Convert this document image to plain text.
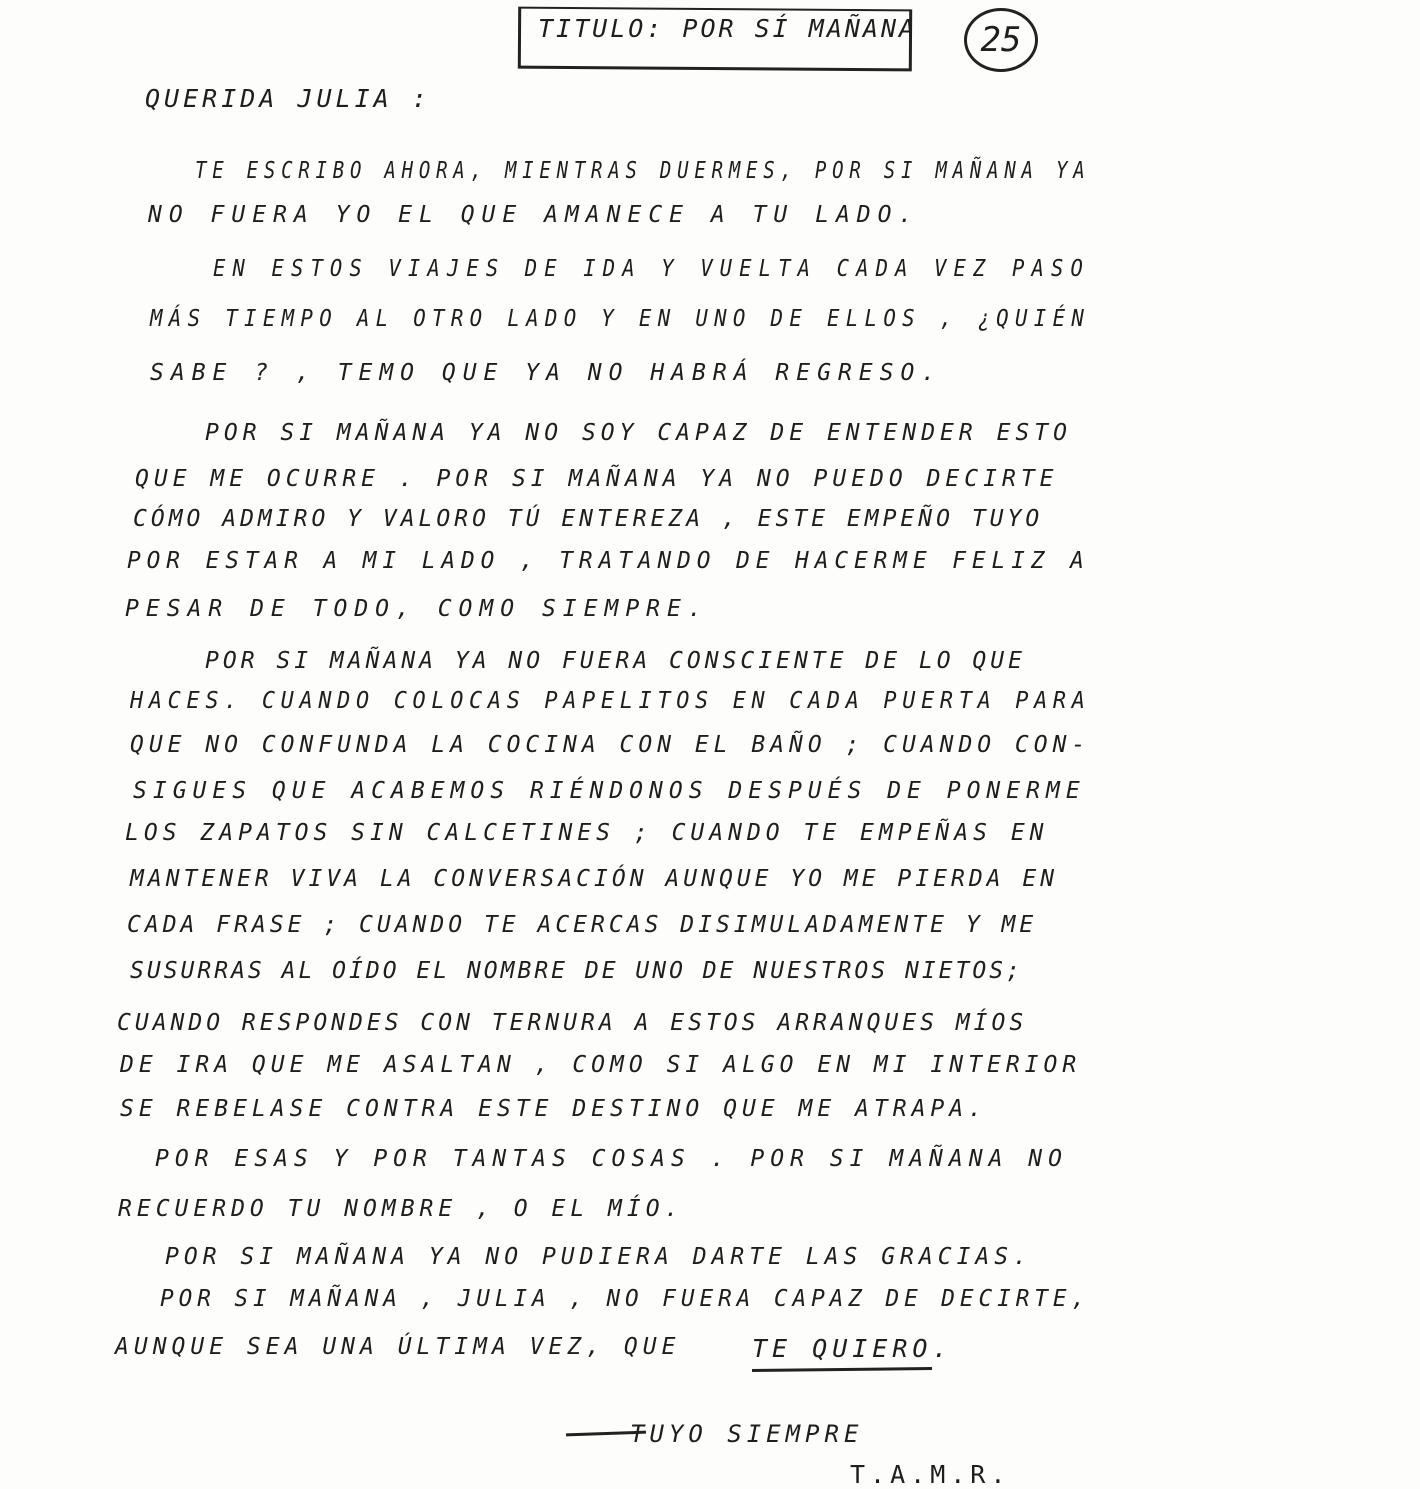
TITULO: POR SÍ MAÑANA 25
QUERIDA JULIA :
TE ESCRIBO AHORA, MIENTRAS DUERMES, POR SI MAÑANA YA
NO FUERA YO EL QUE AMANECE A TU LADO.
EN ESTOS VIAJES DE IDA Y VUELTA CADA VEZ PASO
MÁS TIEMPO AL OTRO LADO Y EN UNO DE ELLOS , ¿QUIÉN
SABE ? , TEMO QUE YA NO HABRÁ REGRESO.
POR SI MAÑANA YA NO SOY CAPAZ DE ENTENDER ESTO
QUE ME OCURRE . POR SI MAÑANA YA NO PUEDO DECIRTE
CÓMO ADMIRO Y VALORO TÚ ENTEREZA , ESTE EMPEÑO TUYO
POR ESTAR A MI LADO , TRATANDO DE HACERME FELIZ A
PESAR DE TODO, COMO SIEMPRE.
POR SI MAÑANA YA NO FUERA CONSCIENTE DE LO QUE
HACES. CUANDO COLOCAS PAPELITOS EN CADA PUERTA PARA
QUE NO CONFUNDA LA COCINA CON EL BAÑO ; CUANDO CON-
SIGUES QUE ACABEMOS RIÉNDONOS DESPUÉS DE PONERME
LOS ZAPATOS SIN CALCETINES ; CUANDO TE EMPEÑAS EN
MANTENER VIVA LA CONVERSACIÓN AUNQUE YO ME PIERDA EN
CADA FRASE ; CUANDO TE ACERCAS DISIMULADAMENTE Y ME
SUSURRAS AL OÍDO EL NOMBRE DE UNO DE NUESTROS NIETOS;
CUANDO RESPONDES CON TERNURA A ESTOS ARRANQUES MÍOS
DE IRA QUE ME ASALTAN , COMO SI ALGO EN MI INTERIOR
SE REBELASE CONTRA ESTE DESTINO QUE ME ATRAPA.
POR ESAS Y POR TANTAS COSAS . POR SI MAÑANA NO
RECUERDO TU NOMBRE , O EL MÍO.
POR SI MAÑANA YA NO PUDIERA DARTE LAS GRACIAS.
POR SI MAÑANA , JULIA , NO FUERA CAPAZ DE DECIRTE,
AUNQUE SEA UNA ÚLTIMA VEZ, QUE	TE QUIERO.
TUYO SIEMPRE
T.A.M.R.
